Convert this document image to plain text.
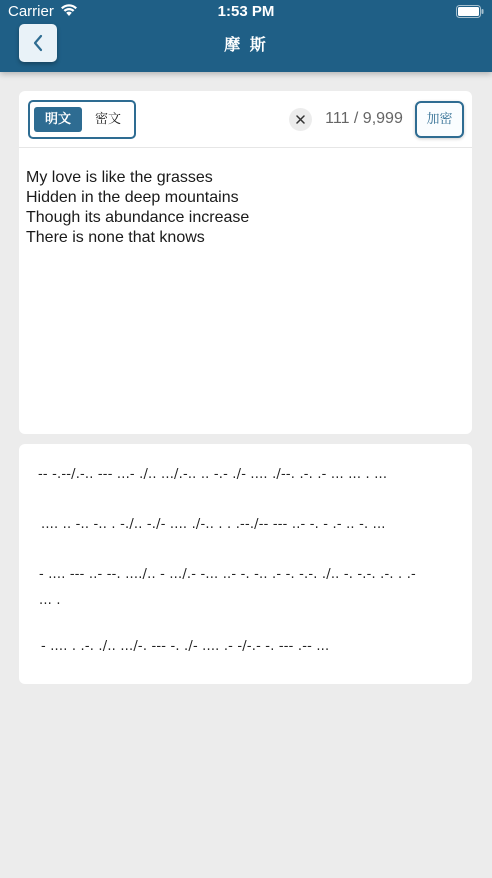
Carrier	1:53 PM
摩 斯
明文	密文	111 / 9,999	加密
My love is like the grasses
Hidden in the deep mountains
Though its abundance increase
There is none that knows
-- -.--/.-.. --- ...- ./.. .../.-.. .. -.- ./- .... ./--. .-. .- ... ... . ...
.... .. -.. -.. . -./.. -./- .... ./-.. . . .--./-- --- ..- -. - .- .. -. ...
- .... --- ..- --. ..../.. - .../.- -... ..- -. -.. .- -. -.-. ./.. -. -.-. .-. . .- ... .
- .... . .-. ./.. .../-. --- -. ./- .... .- -/-.- -. --- .-- ...
